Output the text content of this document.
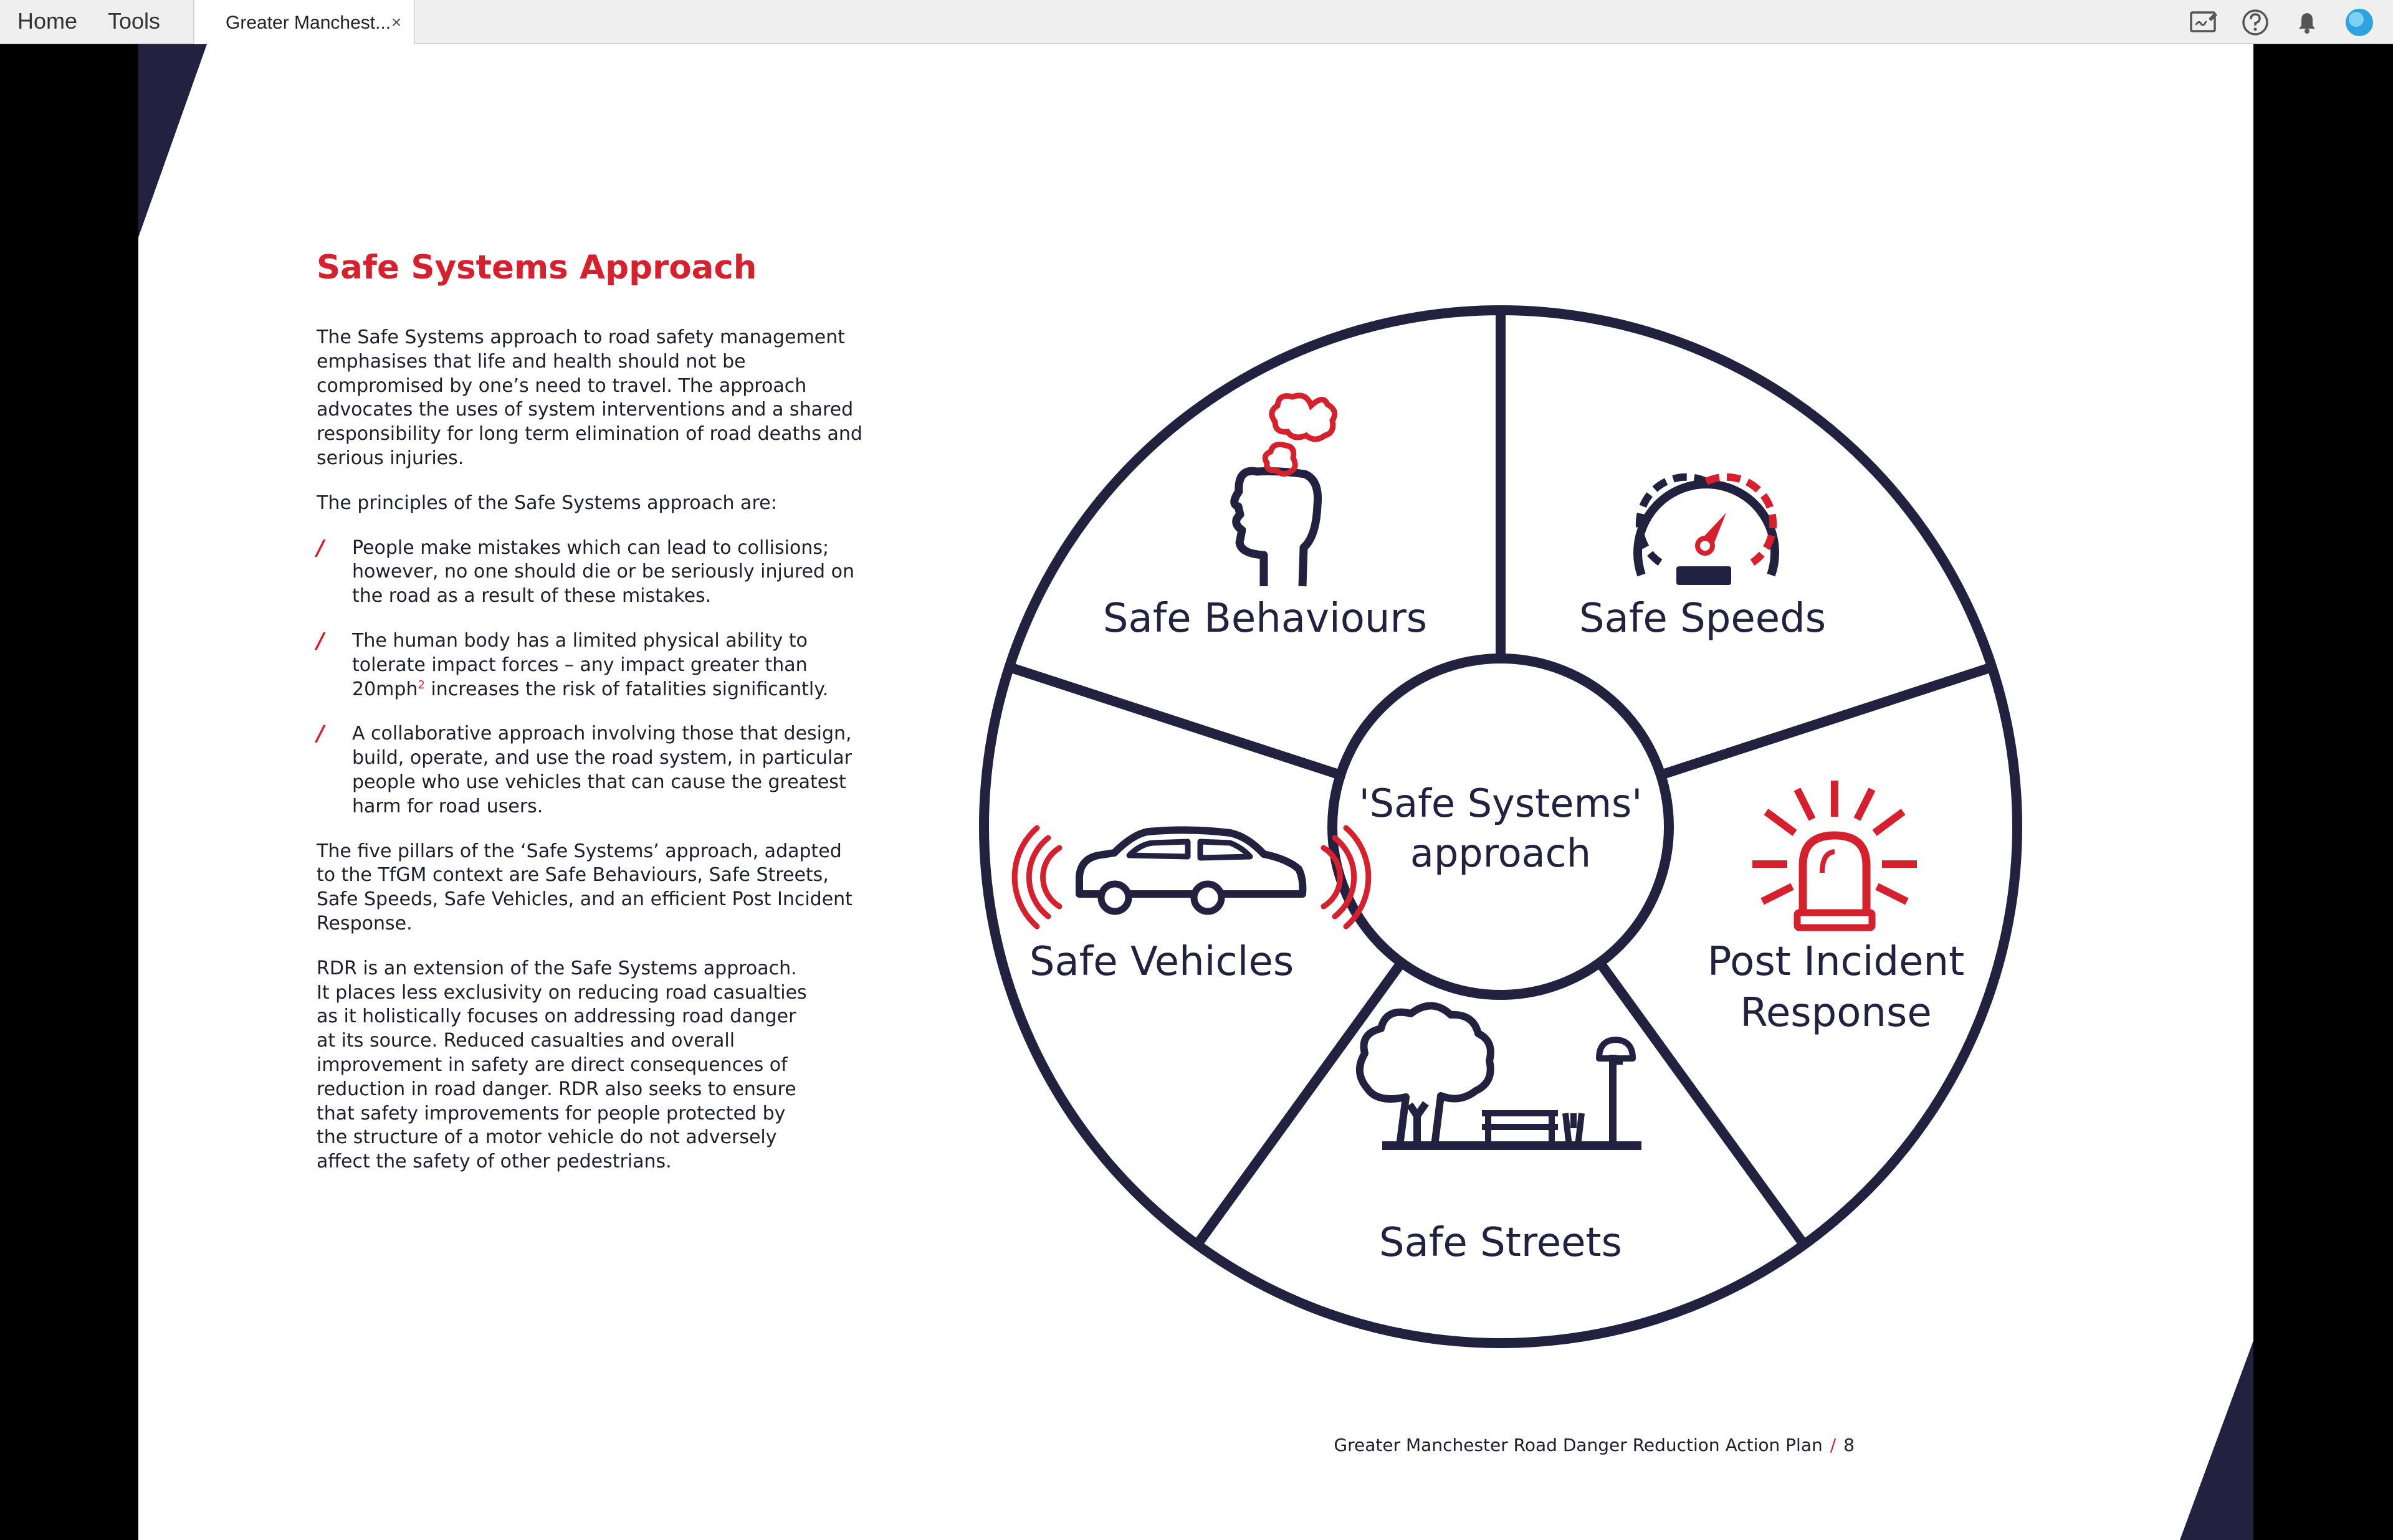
Home Tools	Greater Manchest... ×
Safe Systems Approach

The Safe Systems approach to road safety management emphasises that life and health should not be compromised by one’s need to travel. The approach advocates the uses of system interventions and a shared responsibility for long term elimination of road deaths and serious injuries.

The principles of the Safe Systems approach are:

/ People make mistakes which can lead to collisions; however, no one should die or be seriously injured on the road as a result of these mistakes.
/ The human body has a limited physical ability to tolerate impact forces – any impact greater than 20mph$^2$ increases the risk of fatalities significantly.
/ A collaborative approach involving those that design, build, operate, and use the road system, in particular people who use vehicles that can cause the greatest harm for road users.

The five pillars of the ‘Safe Systems’ approach, adapted to the TfGM context are Safe Behaviours, Safe Streets, Safe Speeds, Safe Vehicles, and an efficient Post Incident Response.

RDR is an extension of the Safe Systems approach. It places less exclusivity on reducing road casualties as it holistically focuses on addressing road danger at its source. Reduced casualties and overall improvement in safety are direct consequences of reduction in road danger. RDR also seeks to ensure that safety improvements for people protected by the structure of a motor vehicle do not adversely affect the safety of other pedestrians.

'Safe Systems'
approach
Safe Behaviours	Safe Speeds
Safe Vehicles	Post Incident
Response
Safe Streets
Greater Manchester Road Danger Reduction Action Plan / 8
